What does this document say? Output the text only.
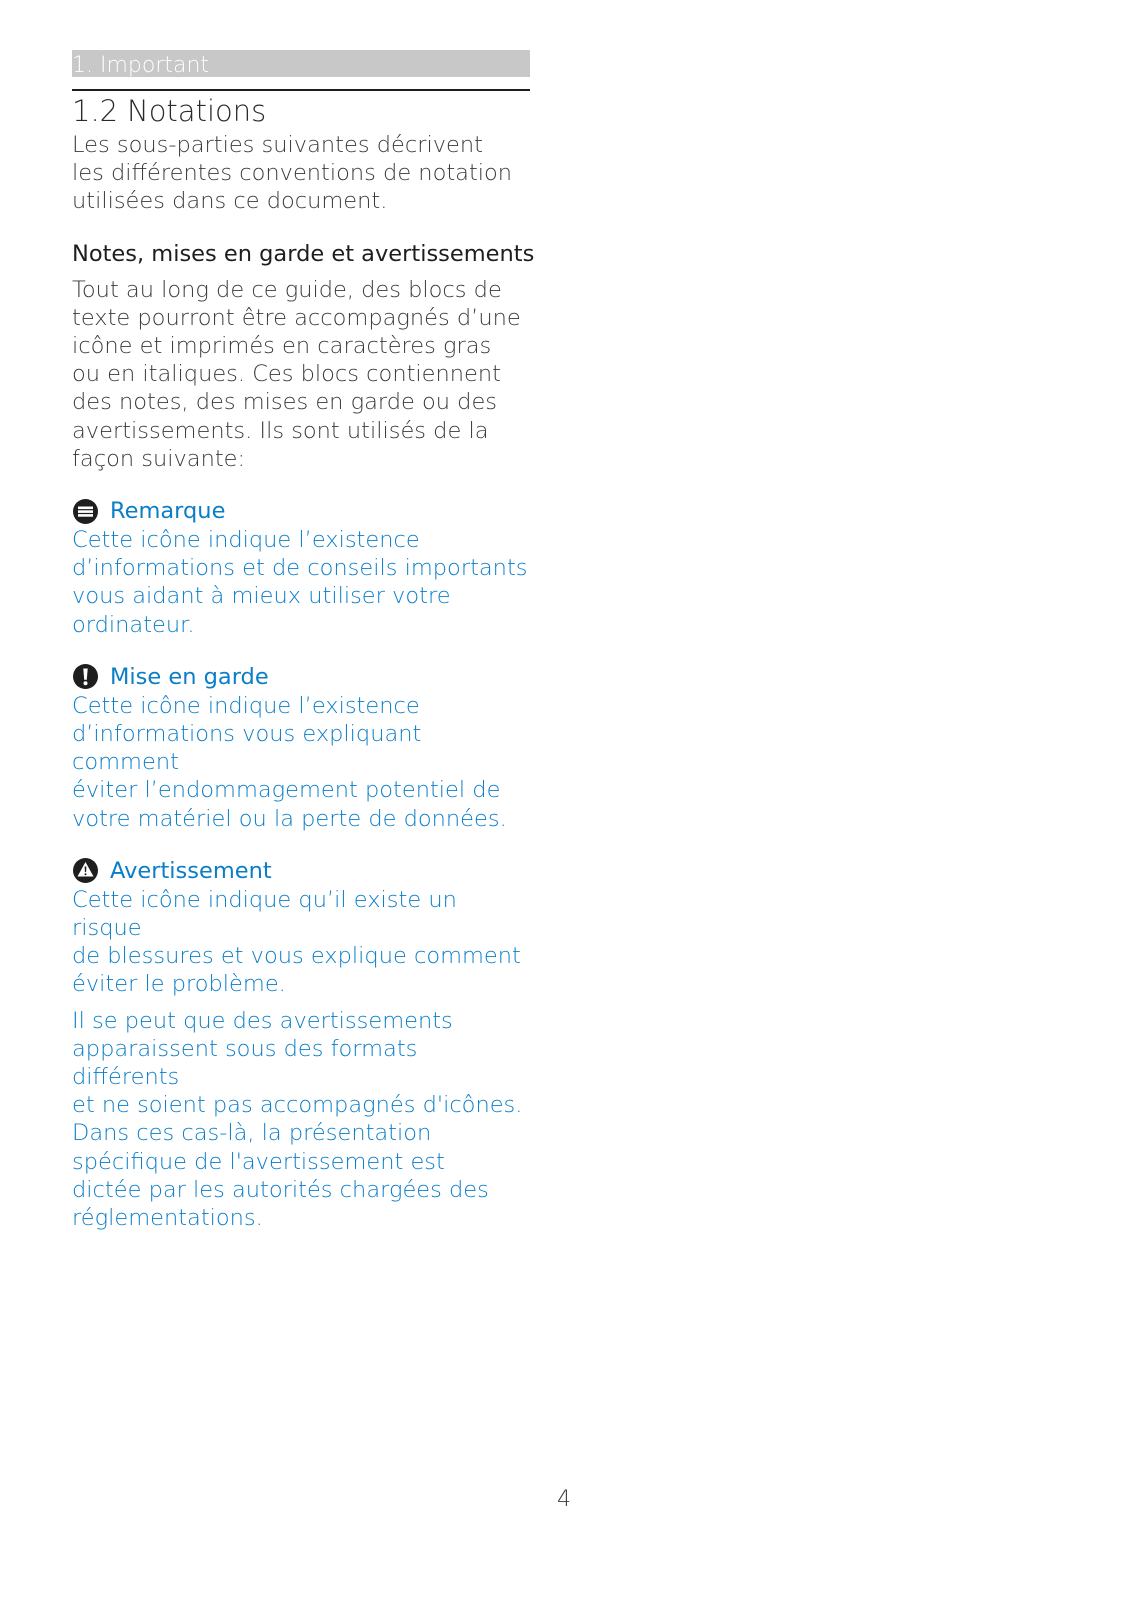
1. Important
1.2 Notations

Les sous-parties suivantes décrivent
les différentes conventions de notation
utilisées dans ce document.

Notes, mises en garde et avertissements

Tout au long de ce guide, des blocs de
texte pourront être accompagnés d’une
icône et imprimés en caractères gras
ou en italiques. Ces blocs contiennent
des notes, des mises en garde ou des
avertissements. Ils sont utilisés de la
façon suivante:

Remarque

Cette icône indique l’existence
d’informations et de conseils importants
vous aidant à mieux utiliser votre
ordinateur.

Mise en garde

Cette icône indique l’existence
d’informations vous expliquant comment
éviter l’endommagement potentiel de
votre matériel ou la perte de données.

Avertissement

Cette icône indique qu’il existe un risque
de blessures et vous explique comment
éviter le problème.

Il se peut que des avertissements
apparaissent sous des formats différents
et ne soient pas accompagnés d'icônes.
Dans ces cas-là, la présentation
spécifique de l'avertissement est
dictée par les autorités chargées des
réglementations.

4
